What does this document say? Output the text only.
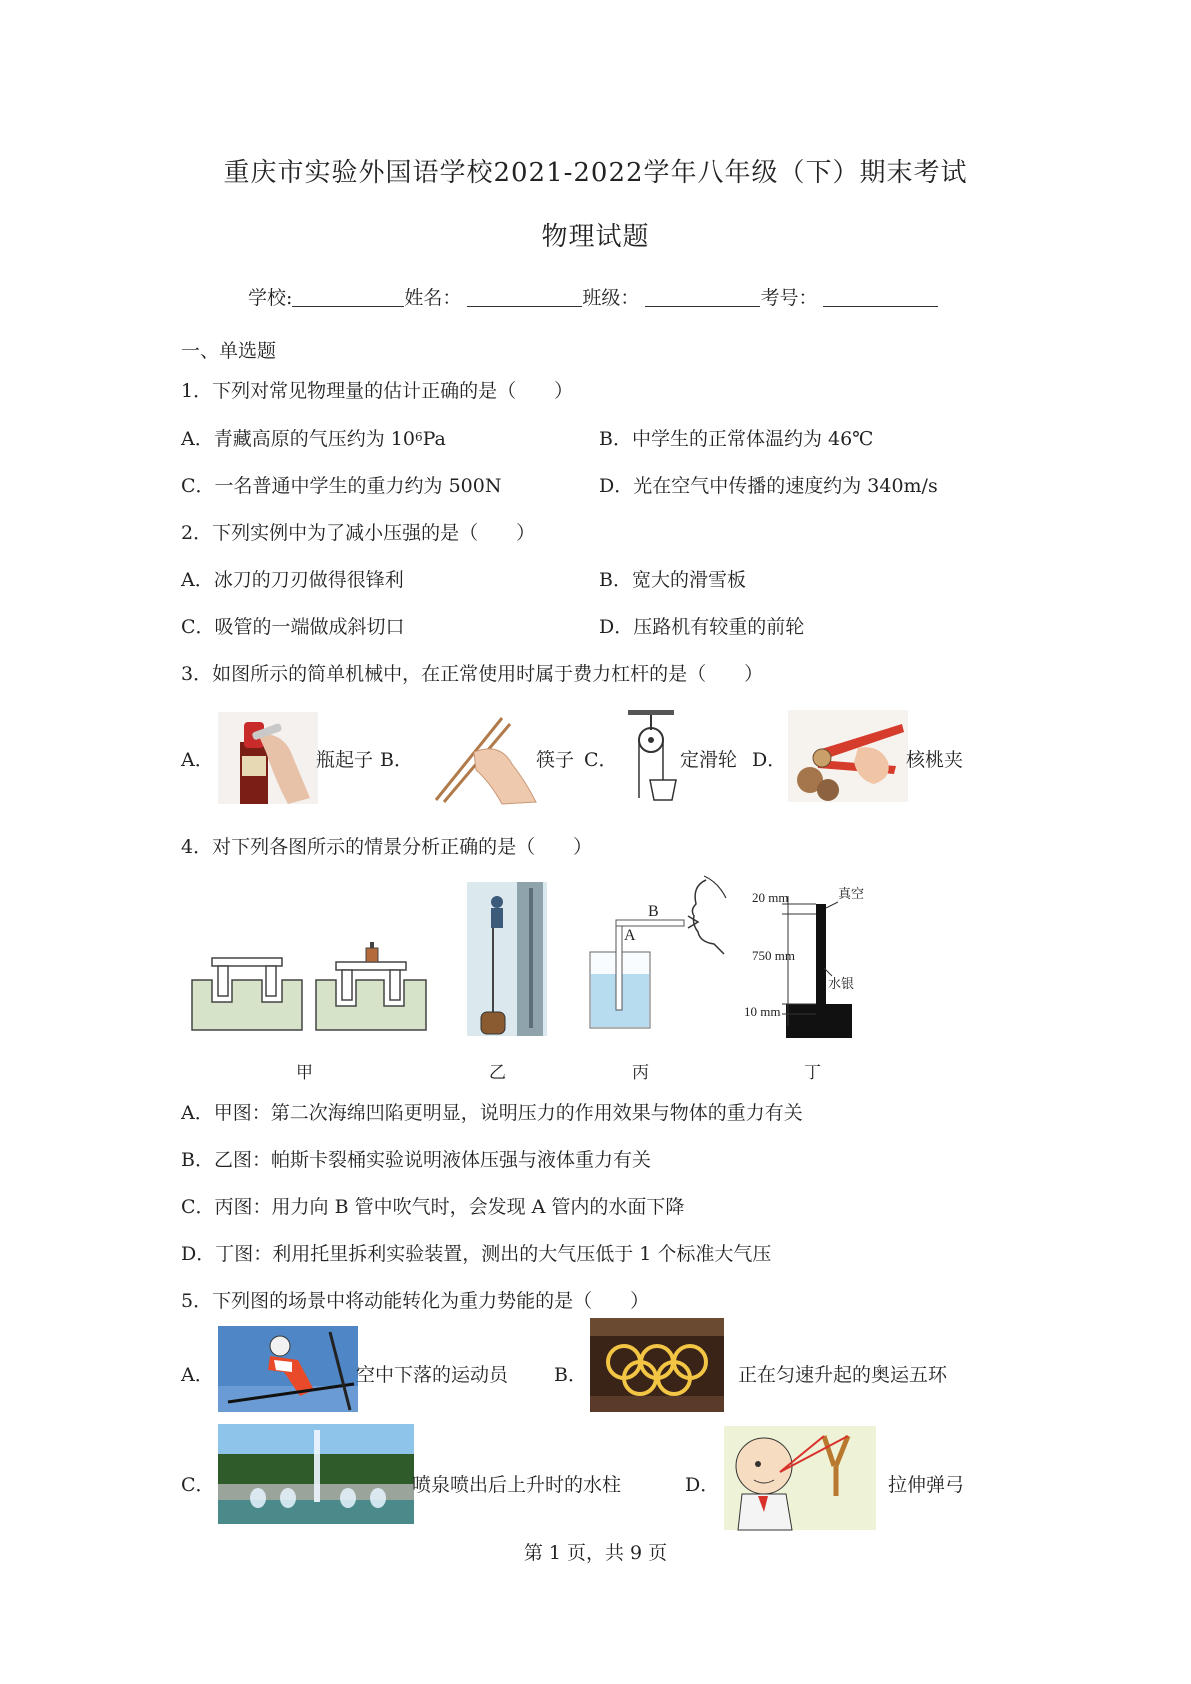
重庆市实验外国语学校2021-2022学年八年级（下）期末考试
物理试题
学校:	姓名：	班级：	考号：
一、单选题
1．下列对常见物理量的估计正确的是（　　）
A．青藏高原的气压约为 $10^6Pa$	B．中学生的正常体温约为 46℃
C．一名普通中学生的重力约为 500N	D．光在空气中传播的速度约为 340m/s
2．下列实例中为了减小压强的是（　　）
A．冰刀的刀刃做得很锋利	B．宽大的滑雪板
C．吸管的一端做成斜切口	D．压路机有较重的前轮
3．如图所示的简单机械中，在正常使用时属于费力杠杆的是（　　）
A．	瓶起子 B．	筷子 C．	定滑轮 D．	核桃夹
4．对下列各图所示的情景分析正确的是（　　）
B
A
20 mm	真空
750 mm
水银
10 mm
甲	乙	丙	丁
A．甲图：第二次海绵凹陷更明显，说明压力的作用效果与物体的重力有关
B．乙图：帕斯卡裂桶实验说明液体压强与液体重力有关
C．丙图：用力向 B 管中吹气时，会发现 A 管内的水面下降
D．丁图：利用托里拆利实验装置，测出的大气压低于 1 个标准大气压
5．下列图的场景中将动能转化为重力势能的是（　　）
A．	空中下落的运动员 B．	正在匀速升起的奥运五环
C．	喷泉喷出后上升时的水柱	D．	拉伸弹弓
第 1 页，共 9 页
